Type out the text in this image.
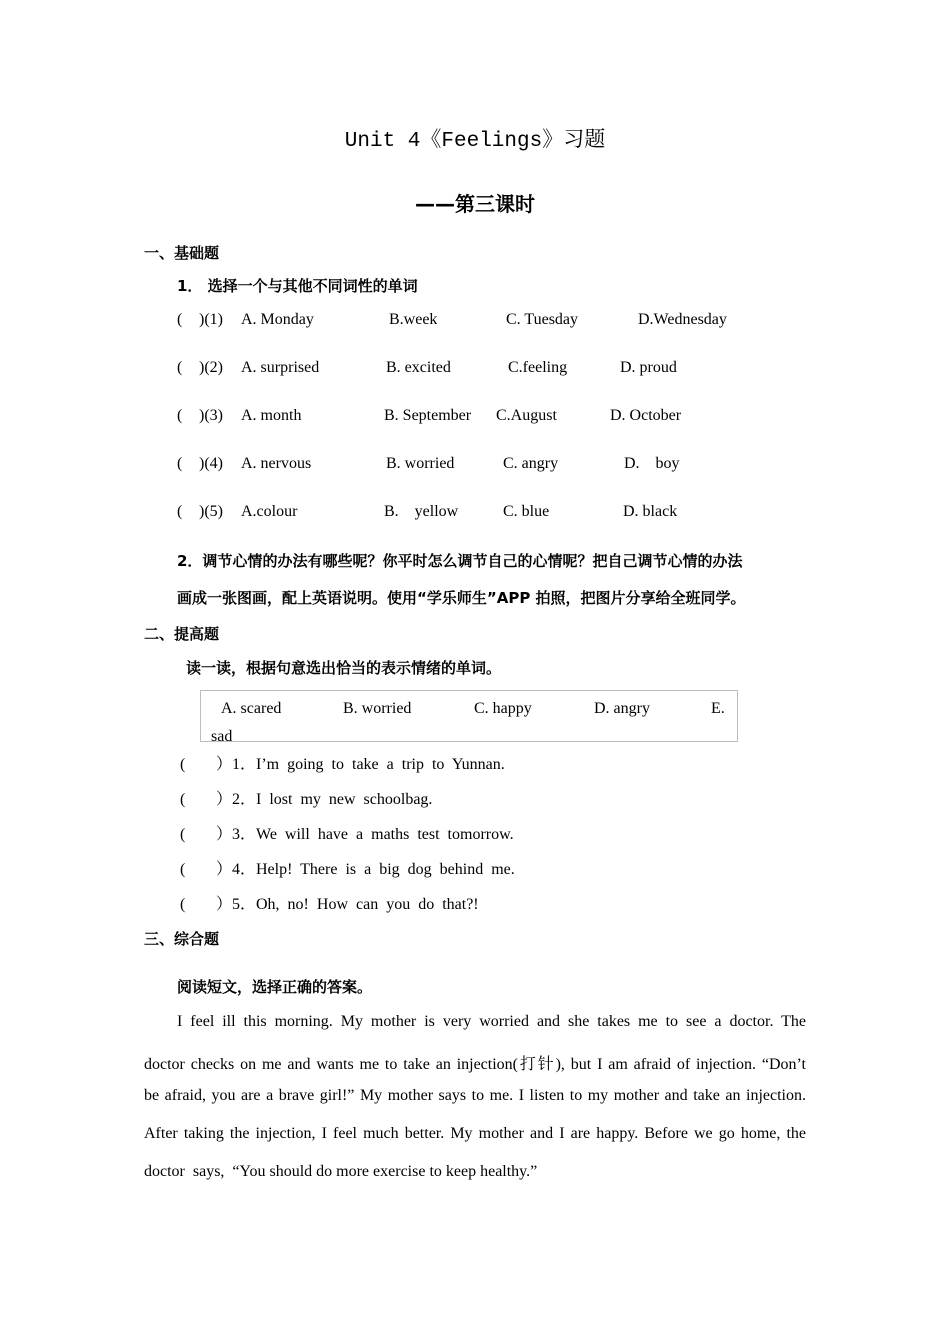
Unit 4《Feelings》习题
——第三课时
一、基础题
1． 选择一个与其他不同词性的单词
( )(1) A. Monday	B.week	C. Tuesday	D.Wednesday
( )(2) A. surprised	B. excited	C.feeling	D. proud
( )(3) A. month	B. September C.August	D. October
( )(4) A. nervous	B. worried	C. angry	D.    boy
( )(5) A.colour	B.    yellow	C. blue	D. black
2．调节心情的办法有哪些呢？你平时怎么调节自己的心情呢？把自己调节心情的办法
画成一张图画，配上英语说明。使用“学乐师生”APP 拍照，把图片分享给全班同学。
二、提高题
读一读，根据句意选出恰当的表示情绪的单词。
A. scared	B. worried	C. happy	D. angry	E.
sad
( ）1．I’m  going  to  take  a  trip  to  Yunnan.
( ）2．I  lost  my  new  schoolbag.
( ）3．We  will  have  a  maths  test  tomorrow.
( ）4．Help!  There  is  a  big  dog  behind  me.
( ）5．Oh,  no!  How  can  you  do  that?!
三、综合题
阅读短文，选择正确的答案。
I feel ill this morning. My mother is very worried and she takes me to see a doctor. The
doctor checks on me and wants me to take an injection(打针), but I am afraid of injection. “Don’t
be afraid, you are a brave girl!” My mother says to me. I listen to my mother and take an injection.
After taking the injection, I feel much better. My mother and I are happy. Before we go home, the
doctor  says,  “You should do more exercise to keep healthy.”
